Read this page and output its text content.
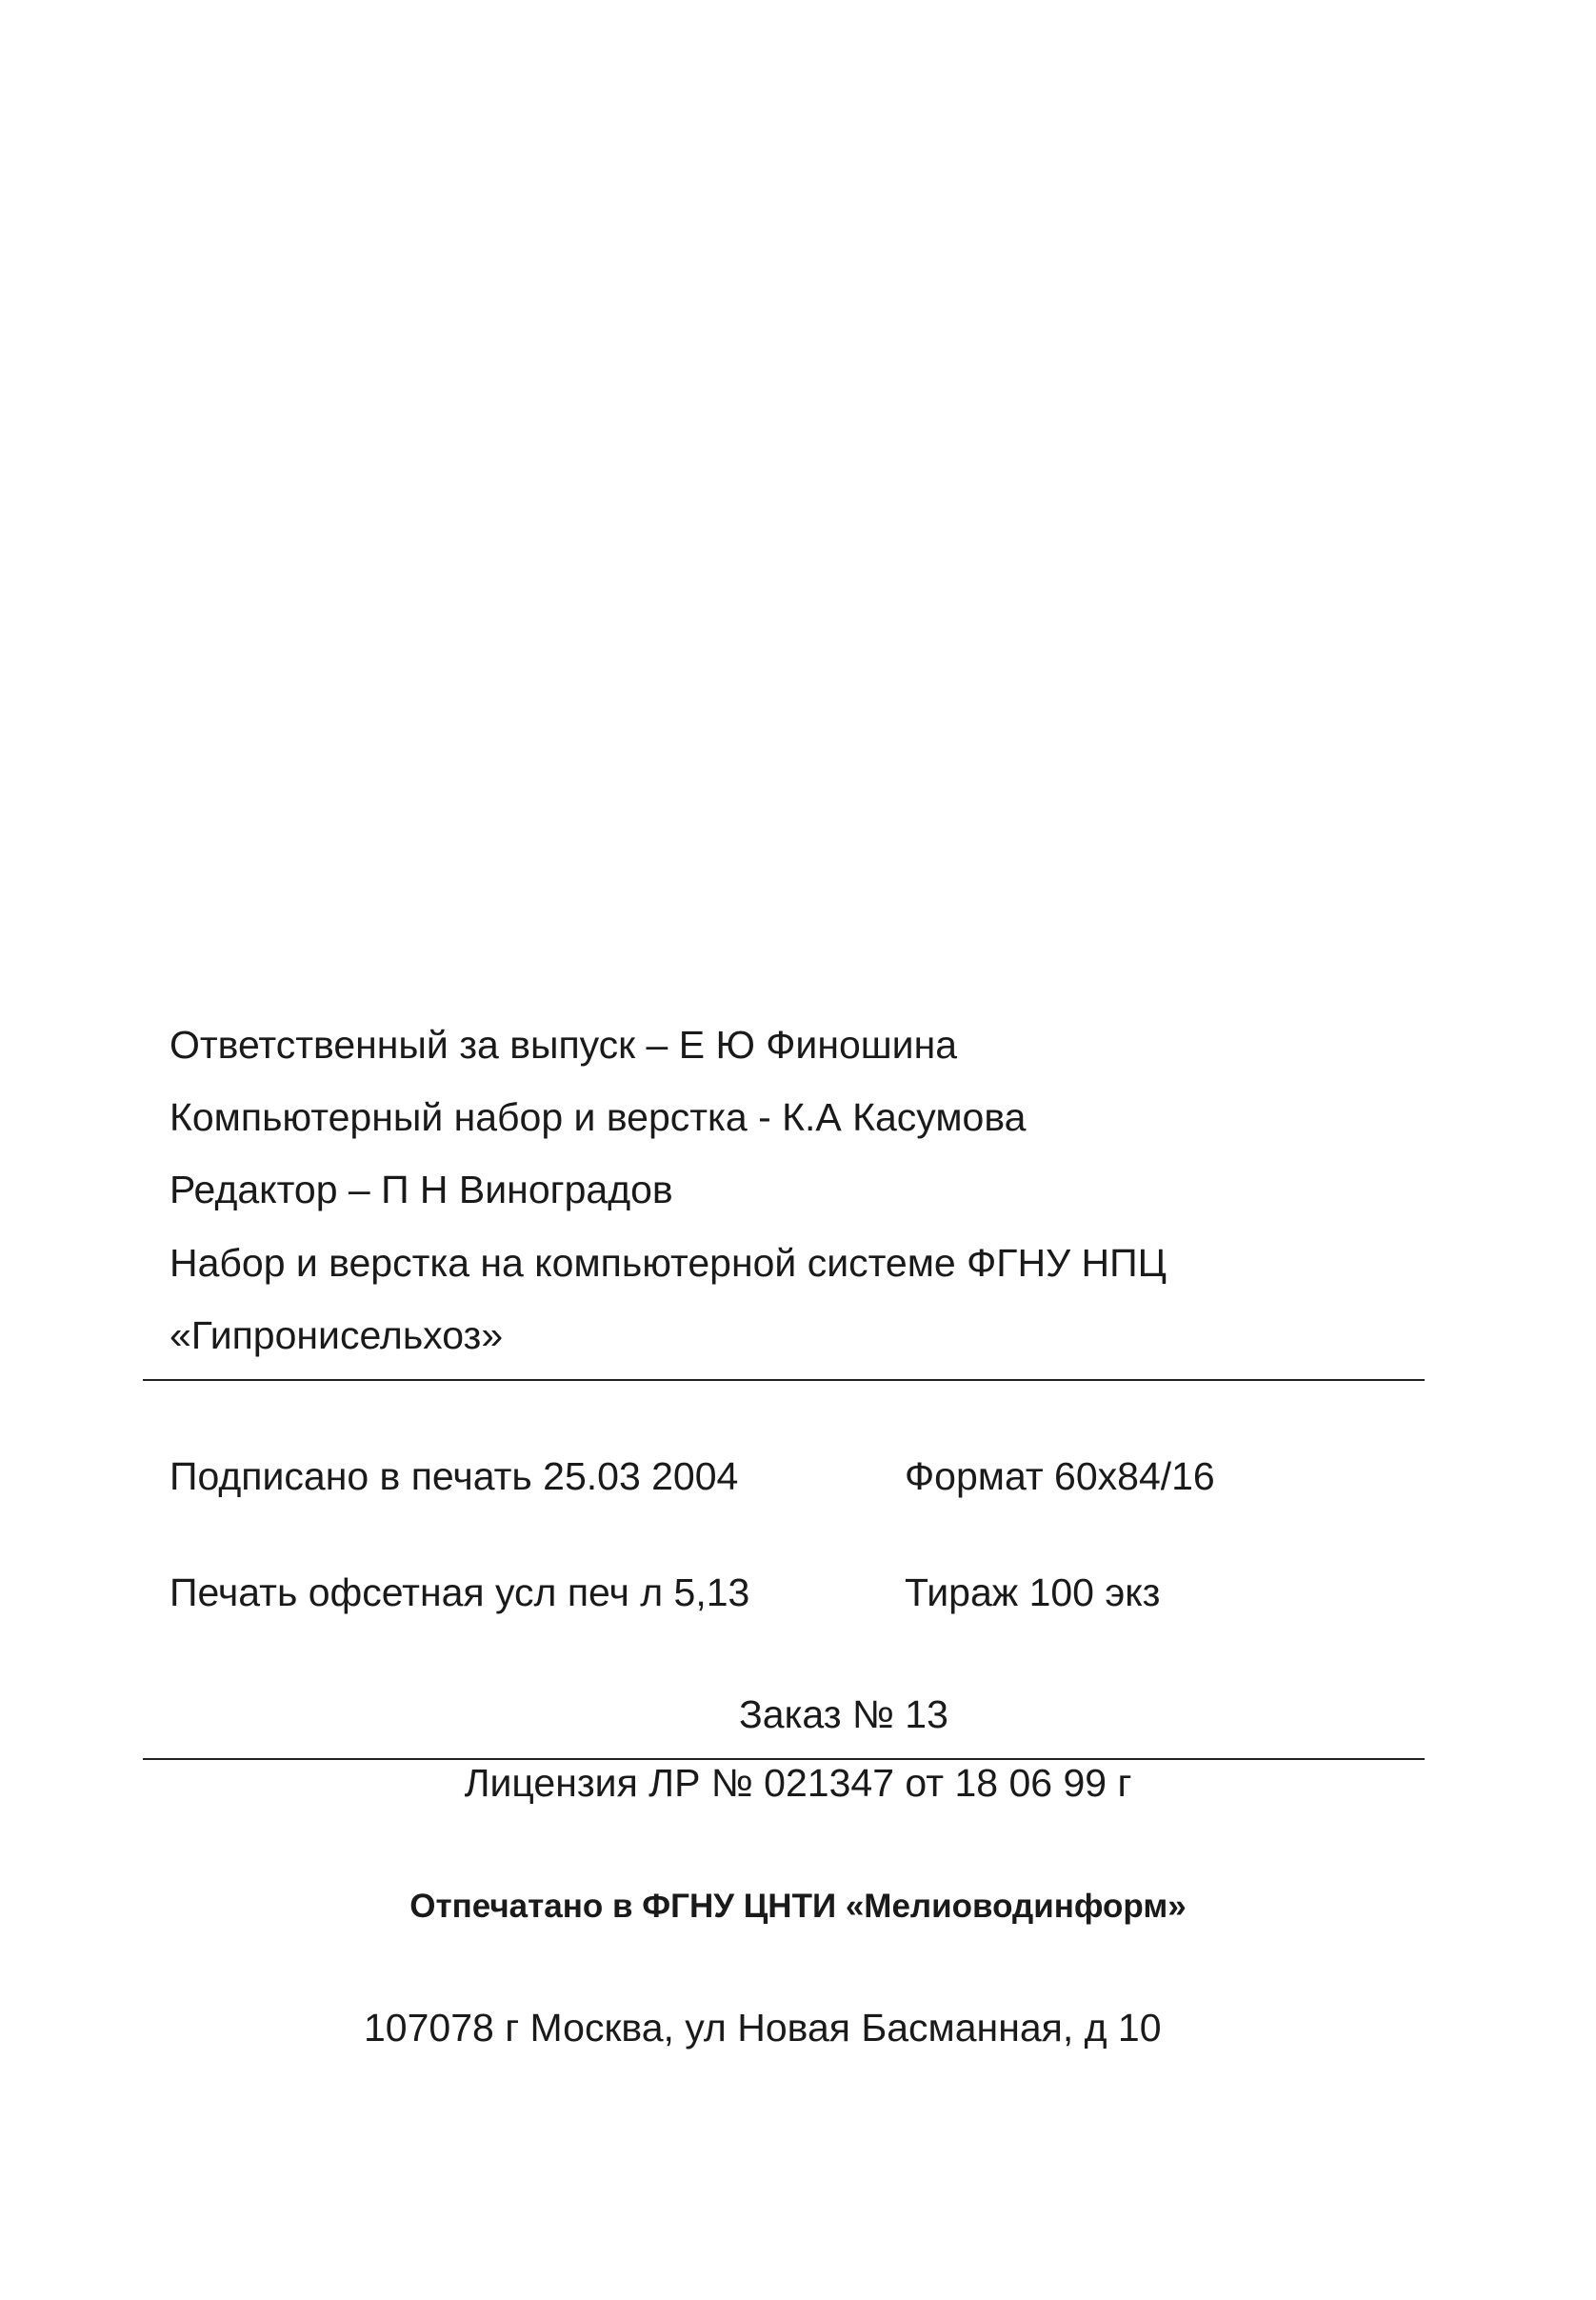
Ответственный за выпуск – Е Ю Финошина
Компьютерный набор и верстка - К.А Касумова
Редактор – П Н Виноградов
Набор и верстка на компьютерной системе ФГНУ НПЦ
«Гипронисельхоз»
Подписано в печать 25.03 2004	Формат 60x84/16
Печать офсетная усл печ л 5,13	Тираж 100 экз
Заказ № 13
Лицензия ЛР № 021347 от 18 06 99 г
Отпечатано в ФГНУ ЦНТИ «Мелиоводинформ»
107078 г Москва, ул Новая Басманная, д 10
